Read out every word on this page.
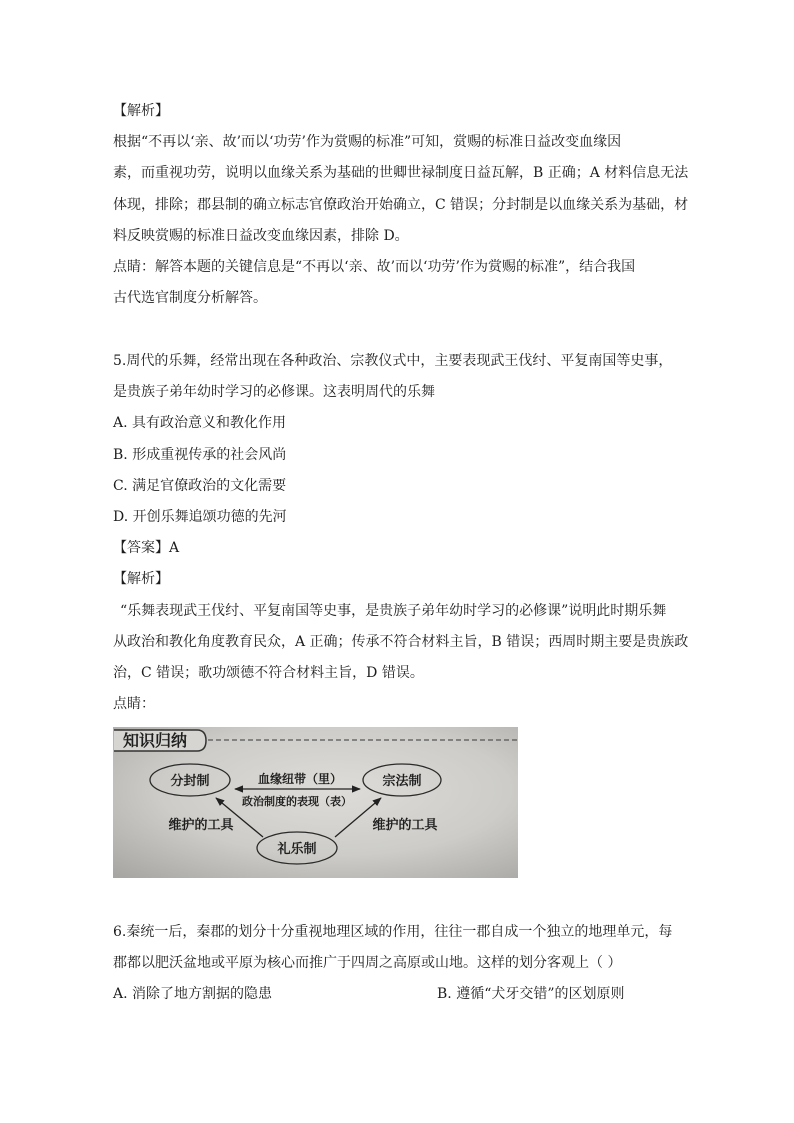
【解析】
根据“不再以‘亲、故’而以‘功劳’作为赏赐的标准”可知，赏赐的标准日益改变血缘因
素，而重视功劳，说明以血缘关系为基础的世卿世禄制度日益瓦解，B 正确；A 材料信息无法
体现，排除；郡县制的确立标志官僚政治开始确立，C 错误；分封制是以血缘关系为基础，材
料反映赏赐的标准日益改变血缘因素，排除 D。
点睛：解答本题的关键信息是“不再以‘亲、故’而以‘功劳’作为赏赐的标准”，结合我国
古代选官制度分析解答。
5.周代的乐舞，经常出现在各种政治、宗教仪式中，主要表现武王伐纣、平复南国等史事，
是贵族子弟年幼时学习的必修课。这表明周代的乐舞
A. 具有政治意义和教化作用
B. 形成重视传承的社会风尚
C. 满足官僚政治的文化需要
D. 开创乐舞追颂功德的先河
【答案】A
【解析】
“乐舞表现武王伐纣、平复南国等史事，是贵族子弟年幼时学习的必修课”说明此时期乐舞
从政治和教化角度教育民众，A 正确；传承不符合材料主旨，B 错误；西周时期主要是贵族政
治，C 错误；歌功颂德不符合材料主旨，D 错误。
点睛：
知识归纳
分封制	宗法制
礼乐制
血缘纽带（里）
政治制度的表现（表）
维护的工具	维护的工具
6.秦统一后，秦郡的划分十分重视地理区域的作用，往往一郡自成一个独立的地理单元，每
郡都以肥沃盆地或平原为核心而推广于四周之高原或山地。这样的划分客观上（ ）
A. 消除了地方割据的隐患	B. 遵循“犬牙交错”的区划原则
